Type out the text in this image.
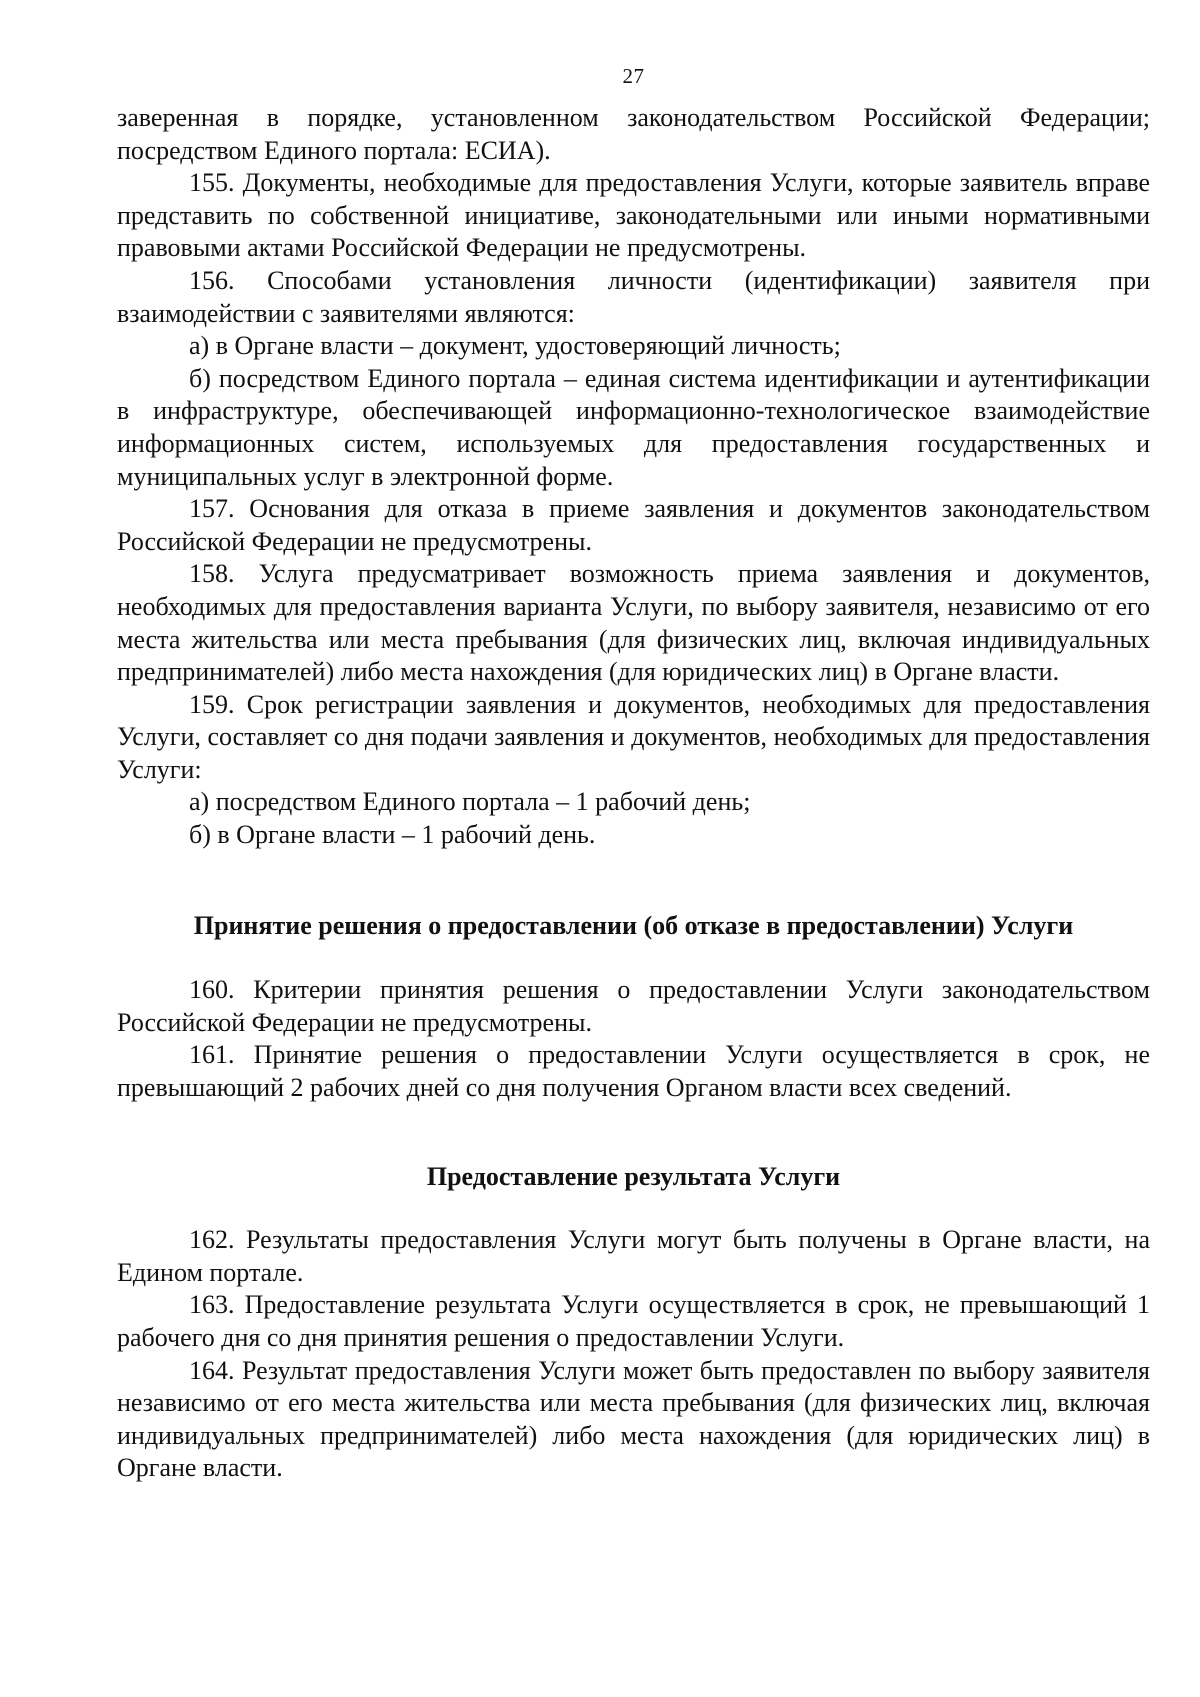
27

заверенная в порядке, установленном законодательством Российской Федерации; посредством Единого портала: ЕСИА).

155. Документы, необходимые для предоставления Услуги, которые заявитель вправе представить по собственной инициативе, законодательными или иными нормативными правовыми актами Российской Федерации не предусмотрены.

156. Способами установления личности (идентификации) заявителя при взаимодействии с заявителями являются:

а) в Органе власти – документ, удостоверяющий личность;

б) посредством Единого портала – единая система идентификации и аутентификации в инфраструктуре, обеспечивающей информационно-технологическое взаимодействие информационных систем, используемых для предоставления государственных и муниципальных услуг в электронной форме.

157. Основания для отказа в приеме заявления и документов законодательством Российской Федерации не предусмотрены.

158. Услуга предусматривает возможность приема заявления и документов, необходимых для предоставления варианта Услуги, по выбору заявителя, независимо от его места жительства или места пребывания (для физических лиц, включая индивидуальных предпринимателей) либо места нахождения (для юридических лиц) в Органе власти.

159. Срок регистрации заявления и документов, необходимых для предоставления Услуги, составляет со дня подачи заявления и документов, необходимых для предоставления Услуги:

а) посредством Единого портала – 1 рабочий день;

б) в Органе власти – 1 рабочий день.

Принятие решения о предоставлении (об отказе в предоставлении) Услуги

160. Критерии принятия решения о предоставлении Услуги законодательством Российской Федерации не предусмотрены.

161. Принятие решения о предоставлении Услуги осуществляется в срок, не превышающий 2 рабочих дней со дня получения Органом власти всех сведений.

Предоставление результата Услуги

162. Результаты предоставления Услуги могут быть получены в Органе власти, на Едином портале.

163. Предоставление результата Услуги осуществляется в срок, не превышающий 1 рабочего дня со дня принятия решения о предоставлении Услуги.

164. Результат предоставления Услуги может быть предоставлен по выбору заявителя независимо от его места жительства или места пребывания (для физических лиц, включая индивидуальных предпринимателей) либо места нахождения (для юридических лиц) в Органе власти.
